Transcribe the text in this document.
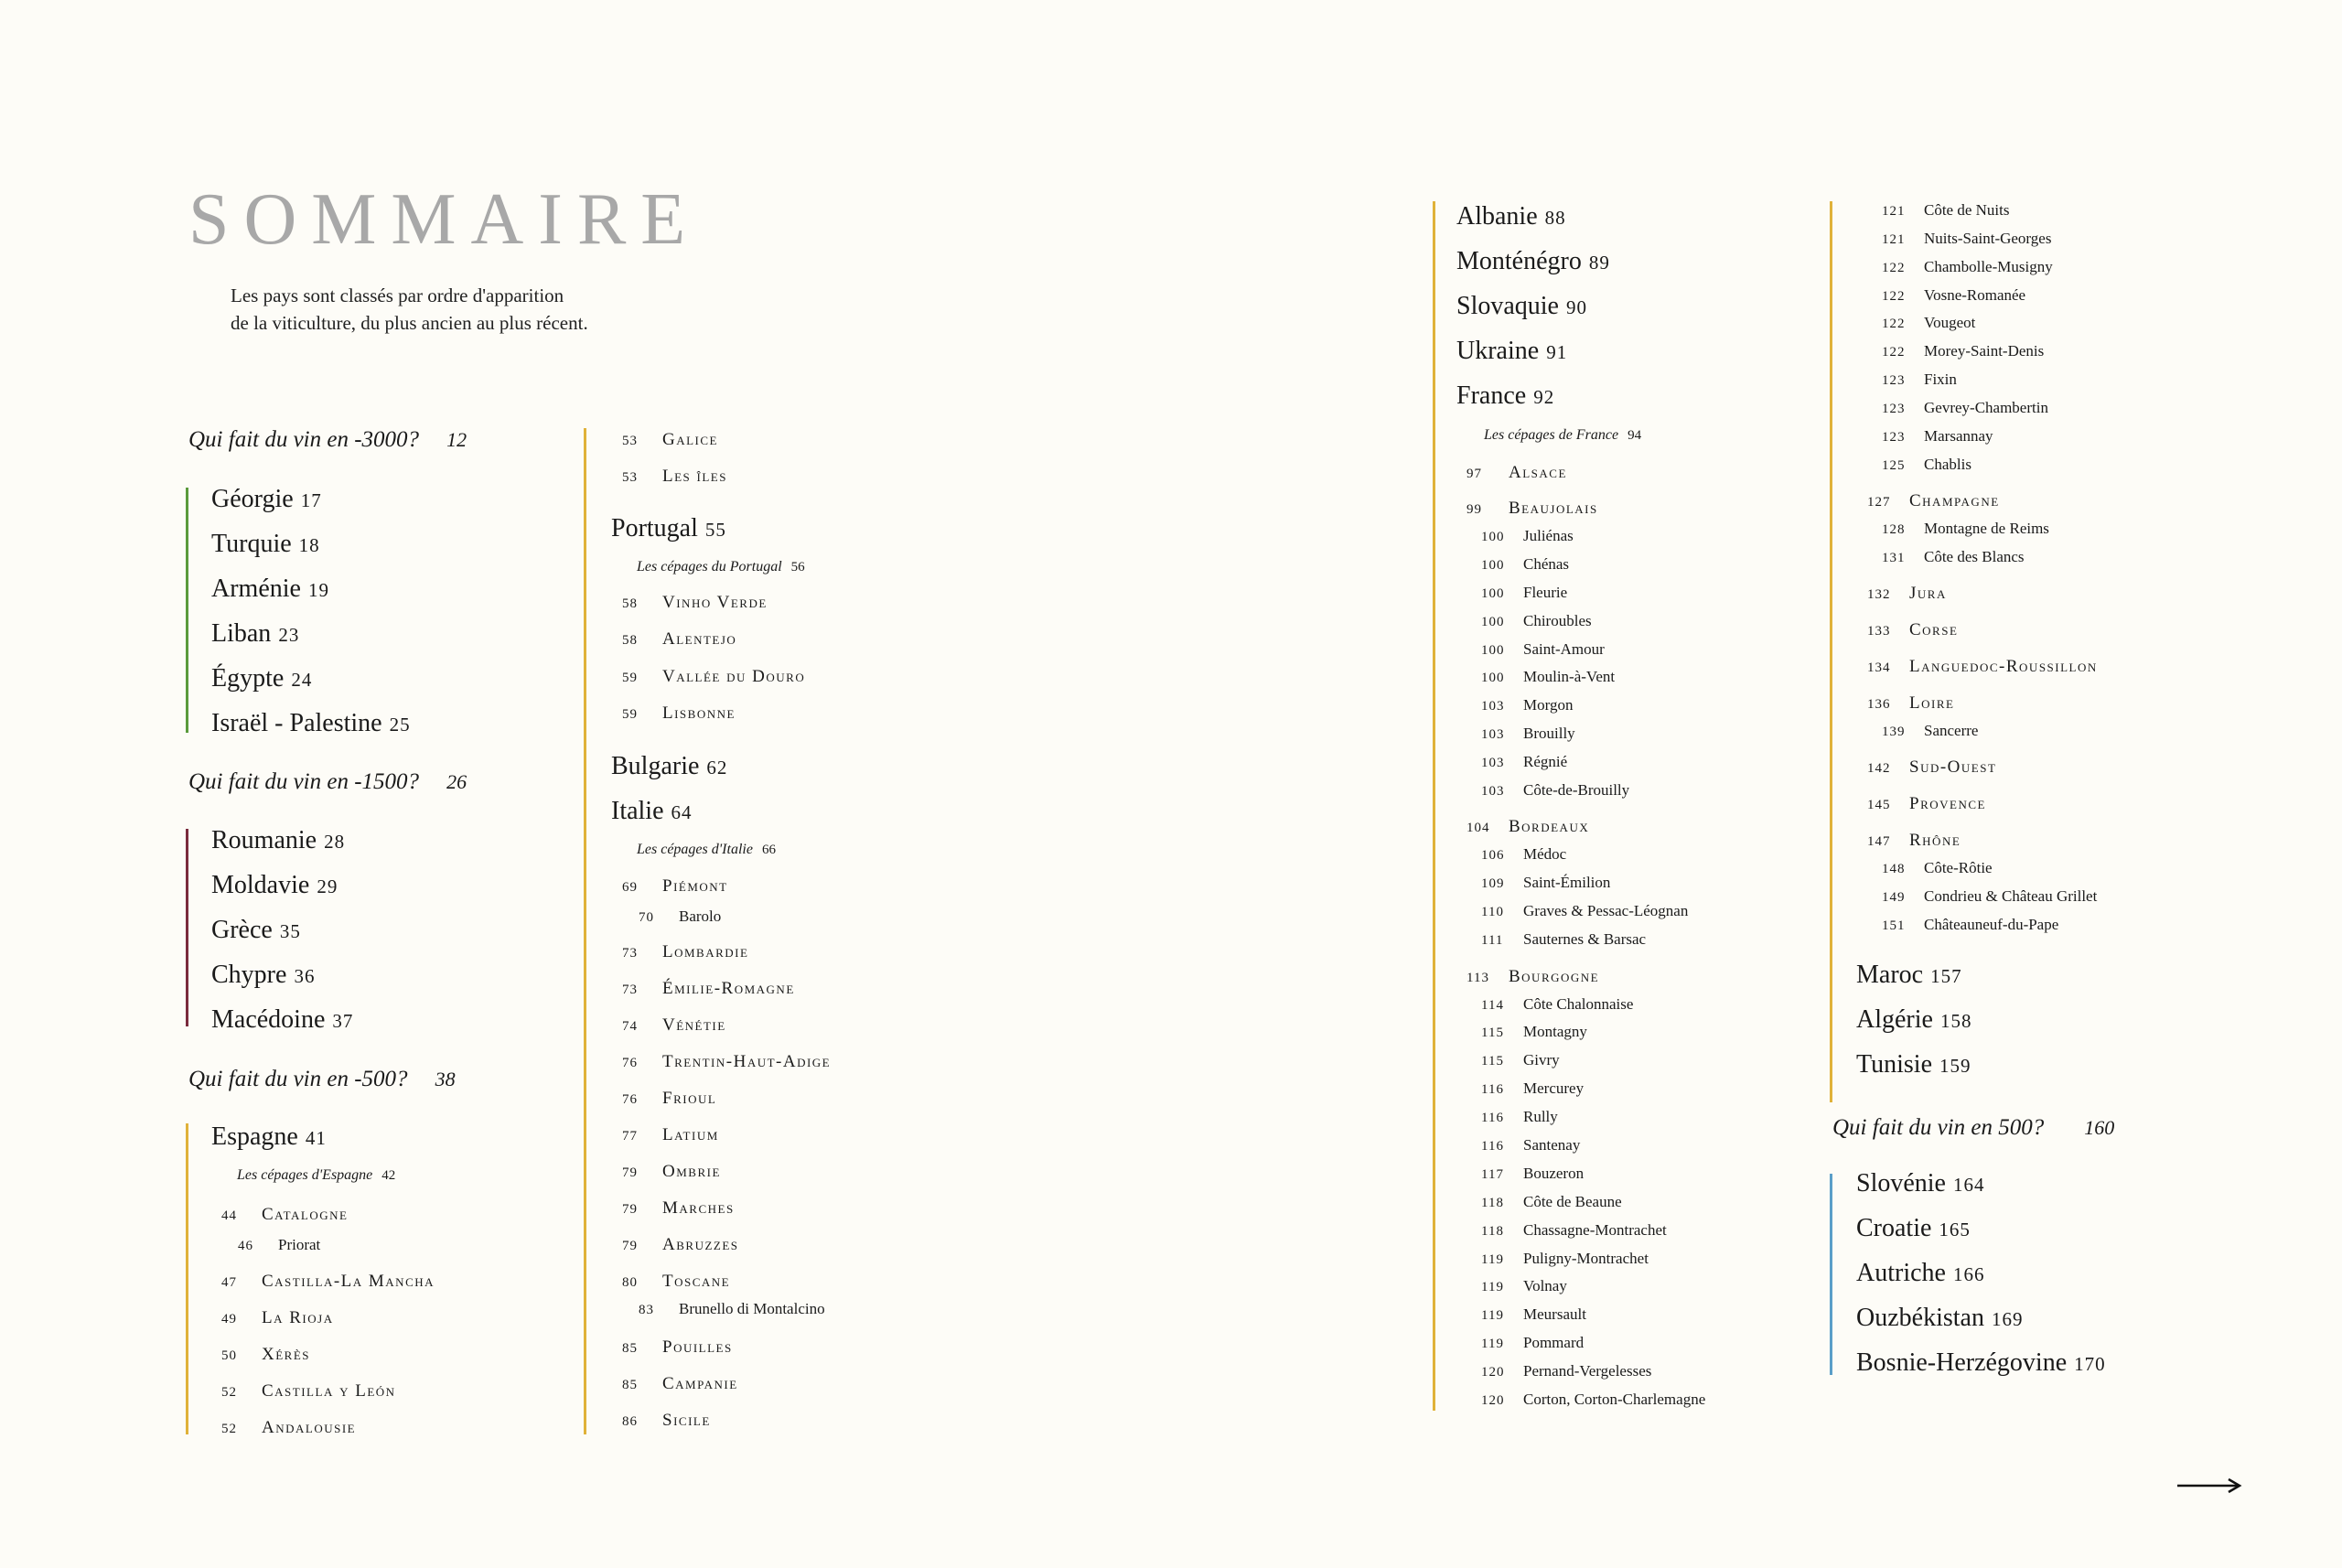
SOMMAIRE
Les pays sont classés par ordre d'apparition
de la viticulture, du plus ancien au plus récent.
Qui fait du vin en -3000? 12
Géorgie 17
Turquie 18
Arménie 19
Liban 23
Égypte 24
Israël - Palestine 25
Qui fait du vin en -1500? 26
Roumanie 28
Moldavie 29
Grèce 35
Chypre 36
Macédoine 37
Qui fait du vin en -500? 38
Espagne 41
Les cépages d'Espagne 42
44 Catalogne
46 Priorat
47 Castilla-La Mancha
49 La Rioja
50 Xérès
52 Castilla y León
52 Andalousie
53 Galice
53 Les îles
Portugal 55
Les cépages du Portugal 56
58 Vinho Verde
58 Alentejo
59 Vallée du Douro
59 Lisbonne
Bulgarie 62
Italie 64
Les cépages d'Italie 66
69 Piémont
70 Barolo
73 Lombardie
73 Émilie-Romagne
74 Vénétie
76 Trentin-Haut-Adige
76 Frioul
77 Latium
79 Ombrie
79 Marches
79 Abruzzes
80 Toscane
83 Brunello di Montalcino
85 Pouilles
85 Campanie
86 Sicile
Albanie 88
Monténégro 89
Slovaquie 90
Ukraine 91
France 92
Les cépages de France 94
97 Alsace
99 Beaujolais
100 Juliénas
100 Chénas
100 Fleurie
100 Chiroubles
100 Saint-Amour
100 Moulin-à-Vent
103 Morgon
103 Brouilly
103 Régnié
103 Côte-de-Brouilly
104 Bordeaux
106 Médoc
109 Saint-Émilion
110 Graves & Pessac-Léognan
111 Sauternes & Barsac
113 Bourgogne
114 Côte Chalonnaise
115 Montagny
115 Givry
116 Mercurey
116 Rully
116 Santenay
117 Bouzeron
118 Côte de Beaune
118 Chassagne-Montrachet
119 Puligny-Montrachet
119 Volnay
119 Meursault
119 Pommard
120 Pernand-Vergelesses
120 Corton, Corton-Charlemagne
121 Côte de Nuits
121 Nuits-Saint-Georges
122 Chambolle-Musigny
122 Vosne-Romanée
122 Vougeot
122 Morey-Saint-Denis
123 Fixin
123 Gevrey-Chambertin
123 Marsannay
125 Chablis
127 Champagne
128 Montagne de Reims
131 Côte des Blancs
132 Jura
133 Corse
134 Languedoc-Roussillon
136 Loire
139 Sancerre
142 Sud-Ouest
145 Provence
147 Rhône
148 Côte-Rôtie
149 Condrieu & Château Grillet
151 Châteauneuf-du-Pape
Maroc 157
Algérie 158
Tunisie 159
Qui fait du vin en 500? 160
Slovénie 164
Croatie 165
Autriche 166
Ouzbékistan 169
Bosnie-Herzégovine 170
